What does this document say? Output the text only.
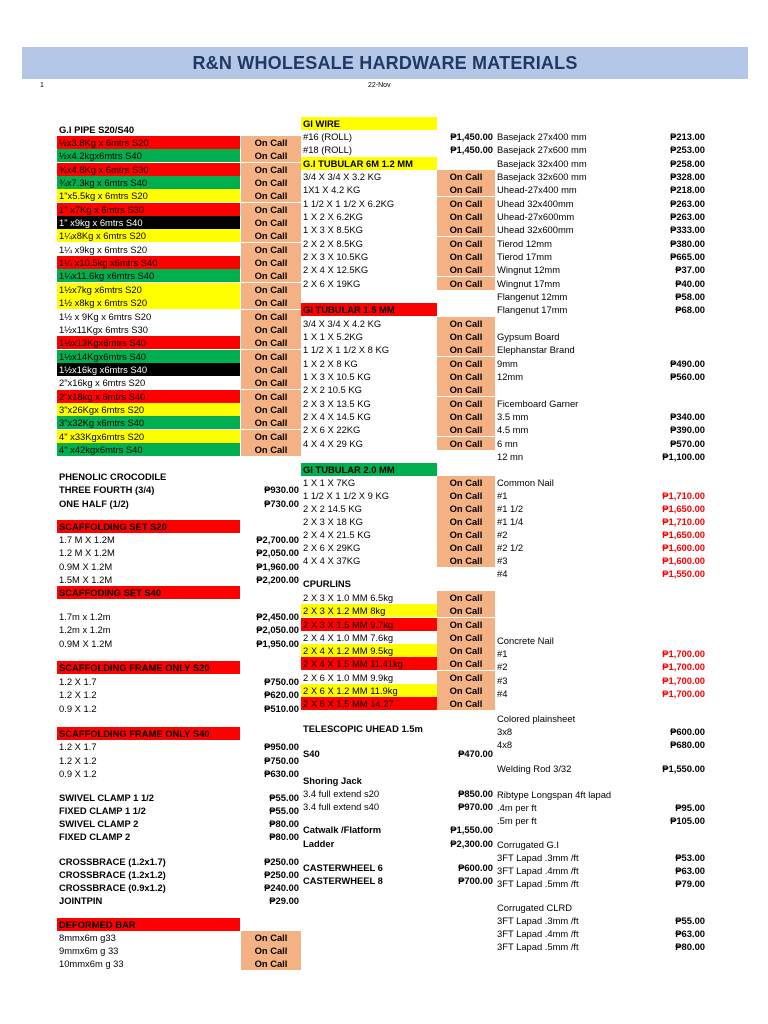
R&N WHOLESALE HARDWARE MATERIALS
1	22-Nov
G.I PIPE S20/S40
½x3.8Kg x 6mtrs S20	On Call
½x4.2kgx6mtrs S40	On Call
¾x4.8Kg x 6mtrs S30	On Call
¾x7.3kg x 6mtrs S40	On Call
1"x5.5kg x 6mtrs S20	On Call
1" x7Kg x 6mtrs S30	On Call
1" x9kg x 6mtrs S40	On Call
1¼x8Kg x 6mtrs S20	On Call
1¼ x9kg x 6mtrs S20	On Call
1¼ x10.5kg x6mtrs S40	On Call
1¼x11.6kg x6mtrs S40	On Call
1½x7kg x6mtrs S20	On Call
1½ x8kg x 6mtrs S20	On Call
1½ x 9Kg x 6mtrs S20	On Call
1½x11Kgx 6mtrs S30	On Call
1½x13Kgx6mtrs S40	On Call
1½x14Kgx6mtrs S40	On Call
1½x16kg x6mtrs S40	On Call
2"x16kg x 6mtrs S20	On Call
2"x18kg x 6mtrs S40	On Call
3"x26Kgx 6mtrs S20	On Call
3"x32Kg x6mtrs S40	On Call
4" x33Kgx6mtrs S20	On Call
4" x42kgx6mtrs S40	On Call
PHENOLIC CROCODILE
THREE FOURTH (3/4)	₱930.00
ONE HALF (1/2)	₱730.00
SCAFFOLDING SET S20
1.7 M X 1.2M	₱2,700.00
1.2 M X 1.2M	₱2,050.00
0.9M X 1.2M	₱1,960.00
1.5M X 1.2M	₱2,200.00
SCAFFODING SET S40
1.7m x 1.2m	₱2,450.00
1.2m x 1.2m	₱2,050.00
0.9M X 1.2M	₱1,950.00
SCAFFOLDING FRAME ONLY S20
1.2 X 1.7	₱750.00
1.2 X 1.2	₱620.00
0.9 X 1.2	₱510.00
SCAFFOLDING FRAME ONLY S40
1.2 X 1.7	₱950.00
1.2 X 1.2	₱750.00
0.9 X 1.2	₱630.00
SWIVEL CLAMP 1 1/2	₱55.00
FIXED CLAMP 1 1/2	₱55.00
SWIVEL CLAMP 2	₱80.00
FIXED CLAMP 2	₱80.00
CROSSBRACE (1.2x1.7)	₱250.00
CROSSBRACE (1.2x1.2)	₱250.00
CROSSBRACE (0.9x1.2)	₱240.00
JOINTPIN	₱29.00
DEFORMED BAR
8mmx6m g33	On Call
9mmx6m g 33	On Call
10mmx6m g 33	On Call
GI WIRE
#16 (ROLL)	₱1,450.00
#18 (ROLL)	₱1,450.00
G.I TUBULAR 6M 1.2 MM
3/4 X 3/4 X 3.2 KG	On Call
1X1 X 4.2 KG	On Call
1 1/2 X 1 1/2 X 6.2KG	On Call
1 X 2 X 6.2KG	On Call
1 X 3 X 8.5KG	On Call
2 X 2 X 8.5KG	On Call
2 X 3 X 10.5KG	On Call
2 X 4 X 12.5KG	On Call
2 X 6 X 19KG	On Call
GI TUBULAR 1.5 MM
3/4 X 3/4 X 4.2 KG	On Call
1 X 1 X 5.2KG	On Call
1 1/2 X 1 1/2 X 8 KG	On Call
1 X 2 X 8 KG	On Call
1 X 3 X 10.5 KG	On Call
2 X 2 10.5 KG	On Call
2 X 3 X 13.5 KG	On Call
2 X 4 X 14.5 KG	On Call
2 X 6 X 22KG	On Call
4 X 4 X 29 KG	On Call
GI TUBULAR 2.0 MM
1 X 1 X 7KG	On Call
1 1/2 X 1 1/2 X 9 KG	On Call
2 X 2 14.5 KG	On Call
2 X 3 X 18 KG	On Call
2 X 4 X 21.5 KG	On Call
2 X 6 X 29KG	On Call
4 X 4 X 37KG	On Call
CPURLINS
2 X 3 X 1.0 MM 6.5kg	On Call
2 X 3 X 1.2 MM 8kg	On Call
2 X 3 X 1.5 MM 9.7kg	On Call
2 X 4 X 1.0 MM 7.6kg	On Call
2 X 4 X 1.2 MM 9.5kg	On Call
2 X 4 X 1.5 MM 11.41kg	On Call
2 X 6 X 1.0 MM 9.9kg	On Call
2 X 6 X 1.2 MM 11.9kg	On Call
2 X 6 X 1.5 MM 14.27	On Call
TELESCOPIC UHEAD 1.5m
S40	₱470.00
Shoring Jack
3.4 full extend s20	₱850.00
3.4 full extend s40	₱970.00
Catwalk /Flatform	₱1,550.00
Ladder	₱2,300.00
CASTERWHEEL 6	₱600.00
CASTERWHEEL 8	₱700.00
Basejack 27x400 mm	₱213.00
Basejack 27x600 mm	₱253.00
Basejack 32x400 mm	₱258.00
Basejack 32x600 mm	₱328.00
Uhead-27x400 mm	₱218.00
Uhead 32x400mm	₱263.00
Uhead-27x600mm	₱263.00
Uhead 32x600mm	₱333.00
Tierod 12mm	₱380.00
Tierod 17mm	₱665.00
Wingnut 12mm	₱37.00
Wingnut 17mm	₱40.00
Flangenut 12mm	₱58.00
Flangenut 17mm	₱68.00
Gypsum Board
Elephanstar Brand
9mm	₱490.00
12mm	₱560.00
Ficemboard Garner
3.5 mm	₱340.00
4.5 mm	₱390.00
6 mn	₱570.00
12 mn	₱1,100.00
Common Nail
#1	₱1,710.00
#1 1/2	₱1,650.00
#1 1/4	₱1,710.00
#2	₱1,650.00
#2 1/2	₱1,600.00
#3	₱1,600.00
#4	₱1,550.00
Concrete Nail
#1	₱1,700.00
#2	₱1,700.00
#3	₱1,700.00
#4	₱1,700.00
Colored plainsheet
3x8	₱600.00
4x8	₱680.00
Welding Rod 3/32	₱1,550.00
Ribtype Longspan 4ft lapad
.4m per ft	₱95.00
.5m per ft	₱105.00
Corrugated G.I
3FT Lapad .3mm /ft	₱53.00
3FT Lapad .4mm /ft	₱63.00
3FT Lapad .5mm /ft	₱79.00
Corrugated CLRD
3FT Lapad .3mm /ft	₱55.00
3FT Lapad .4mm /ft	₱63.00
3FT Lapad .5mm /ft	₱80.00
